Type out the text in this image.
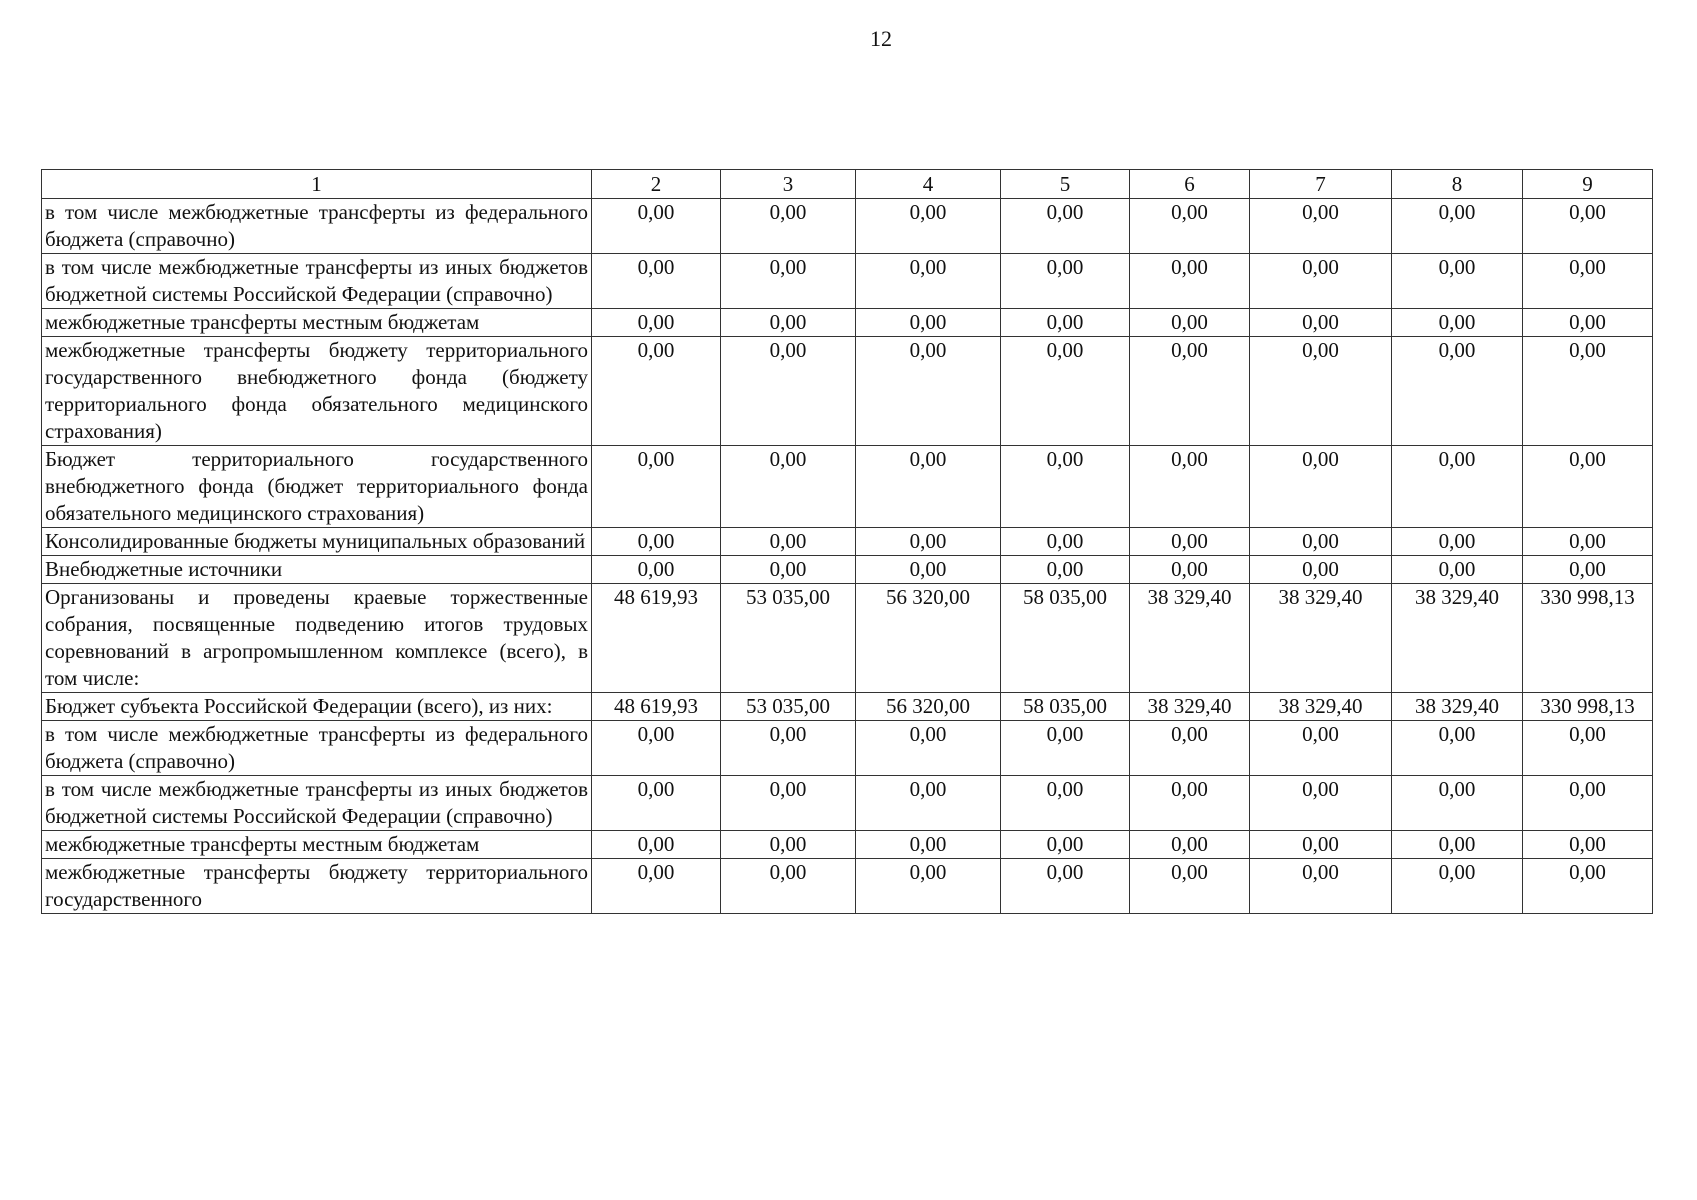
12
1	2	3	4	5	6	7	8	9
в том числе межбюджетные трансферты из федерального бюджета (справочно)	0,00	0,00	0,00	0,00	0,00	0,00	0,00	0,00
в том числе межбюджетные трансферты из иных бюджетов бюджетной системы Российской Федерации (справочно)	0,00	0,00	0,00	0,00	0,00	0,00	0,00	0,00
межбюджетные трансферты местным бюджетам	0,00	0,00	0,00	0,00	0,00	0,00	0,00	0,00
межбюджетные трансферты бюджету территориального государственного внебюджетного фонда (бюджету территориального фонда обязательного медицинского страхования)	0,00	0,00	0,00	0,00	0,00	0,00	0,00	0,00
Бюджет территориального государственного внебюджетного фонда (бюджет территориального фонда обязательного медицинского страхования)	0,00	0,00	0,00	0,00	0,00	0,00	0,00	0,00
Консолидированные бюджеты муниципальных образований	0,00	0,00	0,00	0,00	0,00	0,00	0,00	0,00
Внебюджетные источники	0,00	0,00	0,00	0,00	0,00	0,00	0,00	0,00
Организованы и проведены краевые торжественные собрания, посвященные подведению итогов трудовых соревнований в агропромышленном комплексе (всего), в том числе:	48 619,93	53 035,00	56 320,00	58 035,00	38 329,40	38 329,40	38 329,40	330 998,13
Бюджет субъекта Российской Федерации (всего), из них:	48 619,93	53 035,00	56 320,00	58 035,00	38 329,40	38 329,40	38 329,40	330 998,13
в том числе межбюджетные трансферты из федерального бюджета (справочно)	0,00	0,00	0,00	0,00	0,00	0,00	0,00	0,00
в том числе межбюджетные трансферты из иных бюджетов бюджетной системы Российской Федерации (справочно)	0,00	0,00	0,00	0,00	0,00	0,00	0,00	0,00
межбюджетные трансферты местным бюджетам	0,00	0,00	0,00	0,00	0,00	0,00	0,00	0,00
межбюджетные трансферты бюджету территориального государственного	0,00	0,00	0,00	0,00	0,00	0,00	0,00	0,00
